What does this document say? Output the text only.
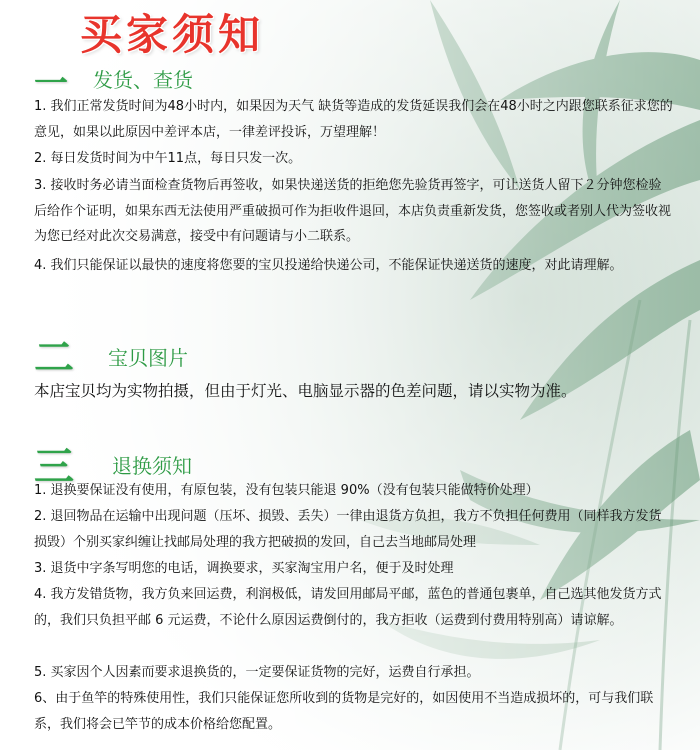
买家须知
一 发货、查货

1. 我们正常发货时间为48小时内，如果因为天气 缺货等造成的发货延误我们会在48小时之内跟您联系征求您的意见，如果以此原因中差评本店，一律差评投诉，万望理解！

2. 每日发货时间为中午11点，每日只发一次。

3. 接收时务必请当面检查货物后再签收，如果快递送货的拒绝您先验货再签字，可让送货人留下２分钟您检验后给作个证明，如果东西无法使用严重破损可作为拒收件退回，本店负责重新发货，您签收或者别人代为签收视为您已经对此次交易满意，接受中有问题请与小二联系。

4. 我们只能保证以最快的速度将您要的宝贝投递给快递公司，不能保证快递送货的速度，对此请理解。

二 宝贝图片

本店宝贝均为实物拍摄，但由于灯光、电脑显示器的色差问题，请以实物为准。

三 退换须知

1. 退换要保证没有使用，有原包装，没有包装只能退 90%（没有包装只能做特价处理）

2. 退回物品在运输中出现问题（压坏、损毁、丢失）一律由退货方负担，我方不负担任何费用（同样我方发货损毁）个别买家纠缠让找邮局处理的我方把破损的发回，自己去当地邮局处理

3. 退货中字条写明您的电话，调换要求，买家淘宝用户名，便于及时处理

4. 我方发错货物，我方负来回运费，利润极低，请发回用邮局平邮，蓝色的普通包裹单，自己选其他发货方式的，我们只负担平邮 6 元运费，不论什么原因运费倒付的，我方拒收（运费到付费用特别高）请谅解。

5. 买家因个人因素而要求退换货的，一定要保证货物的完好，运费自行承担。

6、由于鱼竿的特殊使用性，我们只能保证您所收到的货物是完好的，如因使用不当造成损坏的，可与我们联系，我们将会已竿节的成本价格给您配置。
